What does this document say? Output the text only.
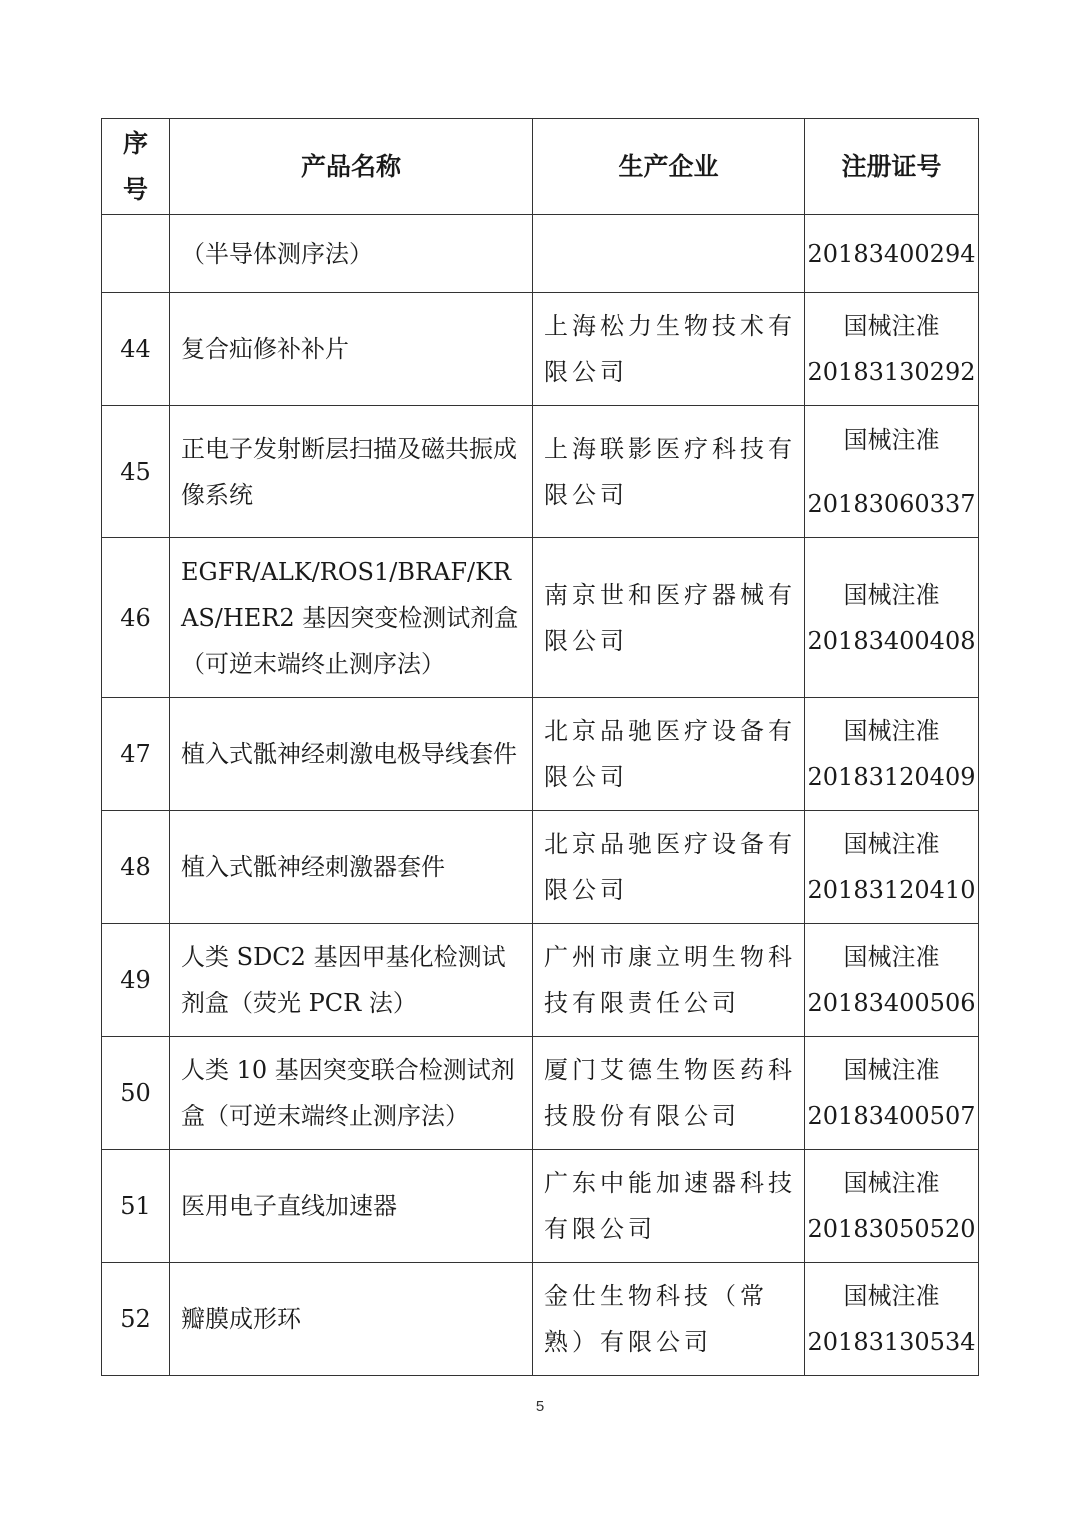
序
号	产品名称	生产企业	注册证号
	（半导体测序法）		20183400294
44	复合疝修补补片	上海松力生物技术有限公司	国械注准
20183130292

45	正电子发射断层扫描及磁共振成像系统	上海联影医疗科技有限公司	国械注准
20183060337

46	EGFR/ALK/ROS1/BRAF/KRAS/HER2 基因突变检测试剂盒（可逆末端终止测序法）	南京世和医疗器械有限公司	国械注准
20183400408

47	植入式骶神经刺激电极导线套件	北京品驰医疗设备有限公司	国械注准
20183120409

48	植入式骶神经刺激器套件	北京品驰医疗设备有限公司	国械注准
20183120410

49	人类 SDC2 基因甲基化检测试剂盒（荧光 PCR 法）	广州市康立明生物科技有限责任公司	国械注准
20183400506

50	人类 10 基因突变联合检测试剂盒（可逆末端终止测序法）	厦门艾德生物医药科技股份有限公司	国械注准
20183400507

51	医用电子直线加速器	广东中能加速器科技有限公司	国械注准
20183050520

52	瓣膜成形环	金仕生物科技（常熟）有限公司	国械注准
20183130534
5
